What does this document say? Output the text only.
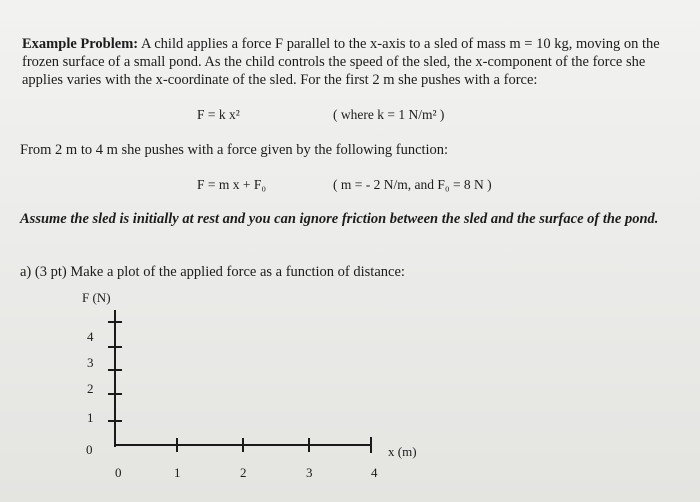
Example Problem: A child applies a force F parallel to the x-axis to a sled of mass m = 10 kg, moving on the frozen surface of a small pond. As the child controls the speed of the sled, the x-component of the force she applies varies with the x-coordinate of the sled. For the first 2 m she pushes with a force:
F = k x²	( where k = 1 N/m² )
From 2 m to 4 m she pushes with a force given by the following function:
F = m x + F₀	( m = - 2 N/m, and F₀ = 8 N )
Assume the sled is initially at rest and you can ignore friction between the sled and the surface of the pond.
a) (3 pt) Make a plot of the applied force as a function of distance:
F (N)
4
3
2
1
0
0	1	2	3	4
x (m)
